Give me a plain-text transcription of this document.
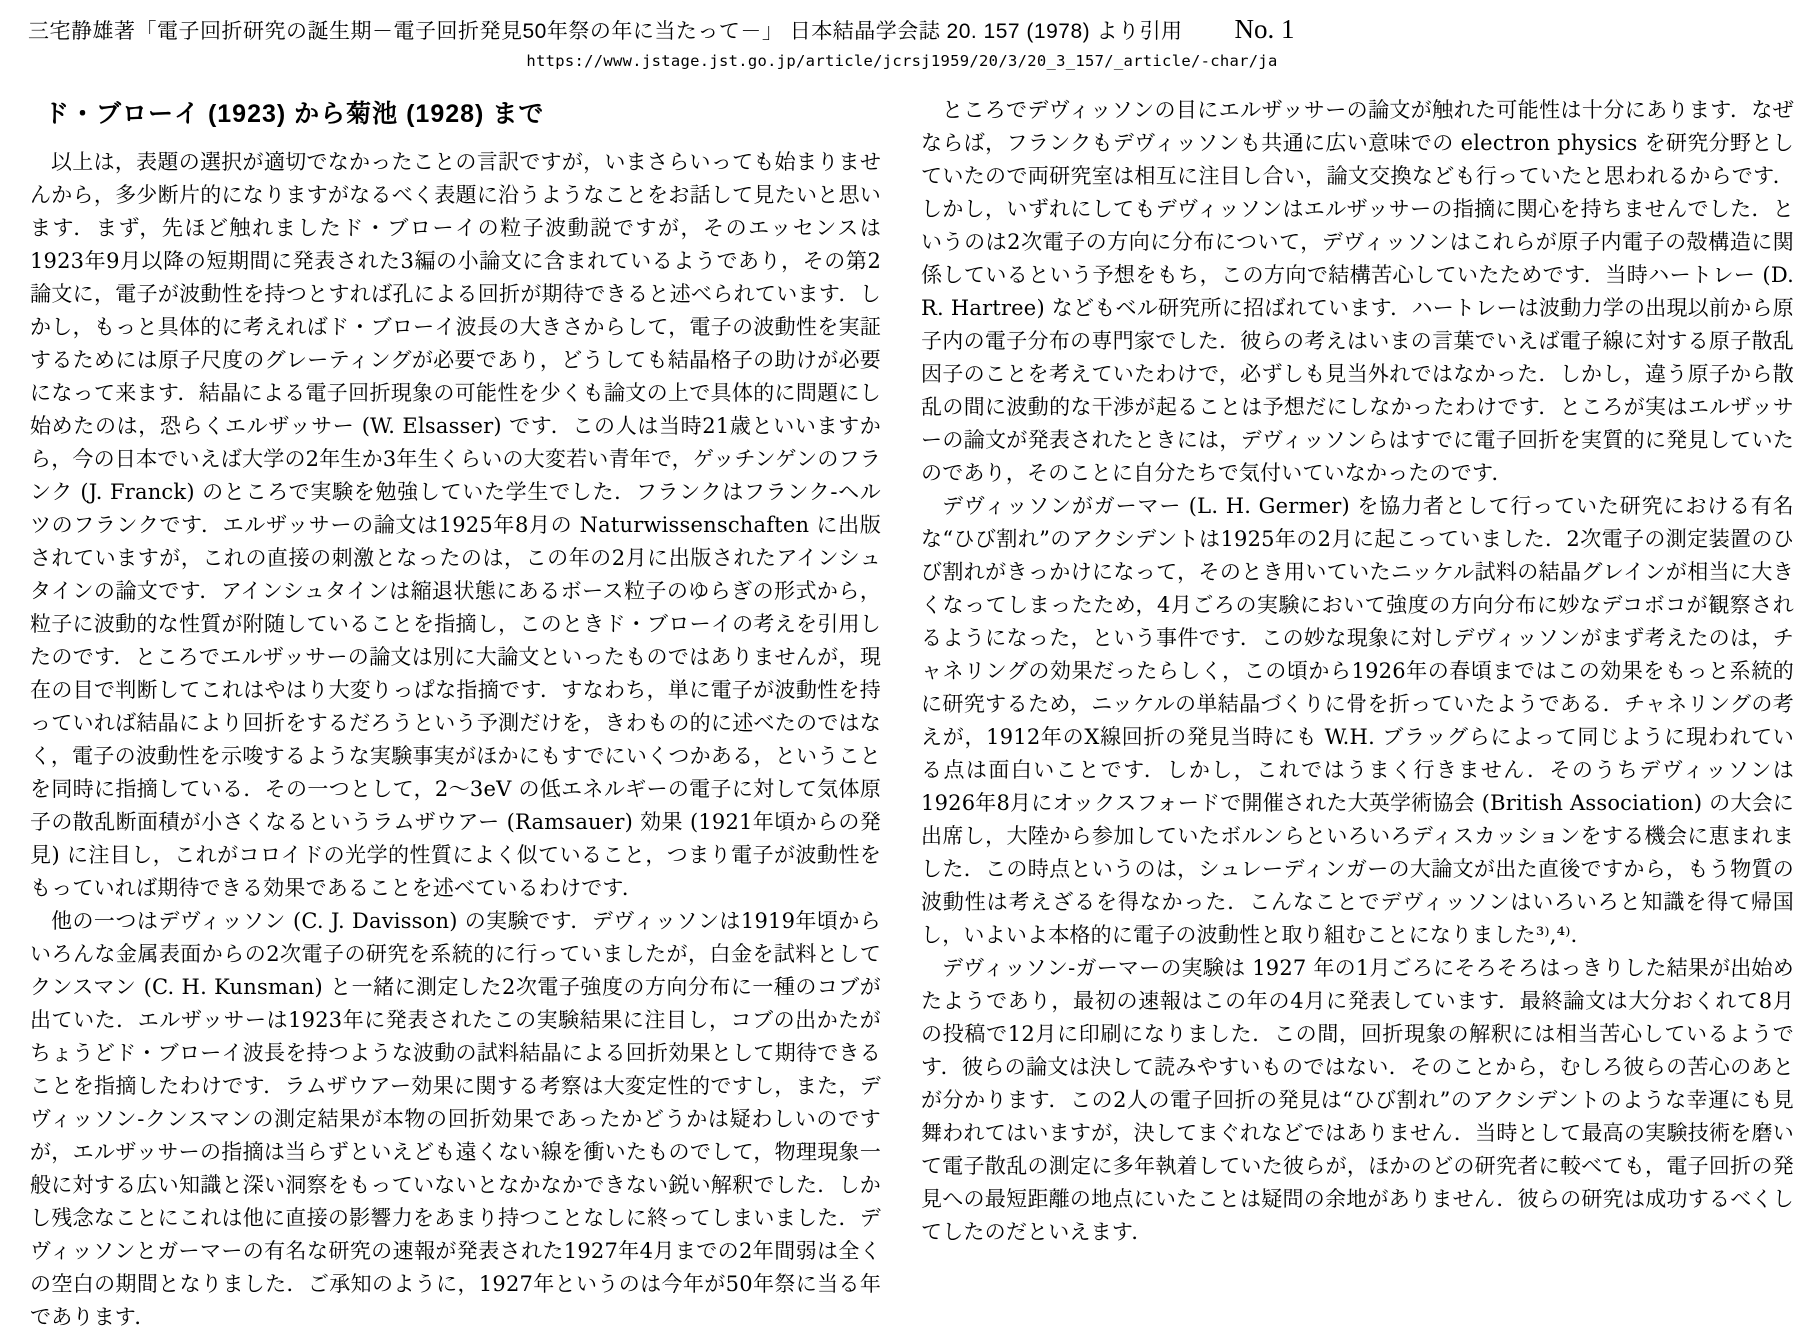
三宅静雄著「電子回折研究の誕生期－電子回折発見50年祭の年に当たって－」 日本結晶学会誌 20. 157 (1978) より引用 No. 1
https://www.jstage.jst.go.jp/article/jcrsj1959/20/3/20_3_157/_article/-char/ja
ド・ブローイ (1923) から菊池 (1928) まで

以上は，表題の選択が適切でなかったことの言訳ですが，いまさらいっても始まりませんから，多少断片的になりますがなるべく表題に沿うようなことをお話して見たいと思います．まず，先ほど触れましたド・ブローイの粒子波動説ですが，そのエッセンスは1923年9月以降の短期間に発表された3編の小論文に含まれているようであり，その第2論文に，電子が波動性を持つとすれば孔による回折が期待できると述べられています．しかし，もっと具体的に考えればド・ブローイ波長の大きさからして，電子の波動性を実証するためには原子尺度のグレーティングが必要であり，どうしても結晶格子の助けが必要になって来ます．結晶による電子回折現象の可能性を少くも論文の上で具体的に問題にし始めたのは，恐らくエルザッサー (W. Elsasser) です．この人は当時21歳といいますから，今の日本でいえば大学の2年生か3年生くらいの大変若い青年で，ゲッチンゲンのフランク (J. Franck) のところで実験を勉強していた学生でした．フランクはフランク-ヘルツのフランクです．エルザッサーの論文は1925年8月の Naturwissenschaften に出版されていますが，これの直接の刺激となったのは，この年の2月に出版されたアインシュタインの論文です．アインシュタインは縮退状態にあるボース粒子のゆらぎの形式から，粒子に波動的な性質が附随していることを指摘し，このときド・ブローイの考えを引用したのです．ところでエルザッサーの論文は別に大論文といったものではありませんが，現在の目で判断してこれはやはり大変りっぱな指摘です．すなわち，単に電子が波動性を持っていれば結晶により回折をするだろうという予測だけを，きわもの的に述べたのではなく，電子の波動性を示唆するような実験事実がほかにもすでにいくつかある，ということを同時に指摘している．その一つとして，2～3eV の低エネルギーの電子に対して気体原子の散乱断面積が小さくなるというラムザウアー (Ramsauer) 効果 (1921年頃からの発見) に注目し，これがコロイドの光学的性質によく似ていること，つまり電子が波動性をもっていれば期待できる効果であることを述べているわけです．

他の一つはデヴィッソン (C. J. Davisson) の実験です．デヴィッソンは1919年頃からいろんな金属表面からの2次電子の研究を系統的に行っていましたが，白金を試料としてクンスマン (C. H. Kunsman) と一緒に測定した2次電子強度の方向分布に一種のコブが出ていた．エルザッサーは1923年に発表されたこの実験結果に注目し，コブの出かたがちょうどド・ブローイ波長を持つような波動の試料結晶による回折効果として期待できることを指摘したわけです．ラムザウアー効果に関する考察は大変定性的ですし，また，デヴィッソン-クンスマンの測定結果が本物の回折効果であったかどうかは疑わしいのですが，エルザッサーの指摘は当らずといえども遠くない線を衝いたものでして，物理現象一般に対する広い知識と深い洞察をもっていないとなかなかできない鋭い解釈でした．しかし残念なことにこれは他に直接の影響力をあまり持つことなしに終ってしまいました．デヴィッソンとガーマーの有名な研究の速報が発表された1927年4月までの2年間弱は全くの空白の期間となりました．ご承知のように，1927年というのは今年が50年祭に当る年であります．

ところでデヴィッソンの目にエルザッサーの論文が触れた可能性は十分にあります．なぜならば，フランクもデヴィッソンも共通に広い意味での electron physics を研究分野としていたので両研究室は相互に注目し合い，論文交換なども行っていたと思われるからです．しかし，いずれにしてもデヴィッソンはエルザッサーの指摘に関心を持ちませんでした．というのは2次電子の方向に分布について，デヴィッソンはこれらが原子内電子の殻構造に関係しているという予想をもち，この方向で結構苦心していたためです．当時ハートレー (D. R. Hartree) などもベル研究所に招ばれています．ハートレーは波動力学の出現以前から原子内の電子分布の専門家でした．彼らの考えはいまの言葉でいえば電子線に対する原子散乱因子のことを考えていたわけで，必ずしも見当外れではなかった．しかし，違う原子から散乱の間に波動的な干渉が起ることは予想だにしなかったわけです．ところが実はエルザッサーの論文が発表されたときには，デヴィッソンらはすでに電子回折を実質的に発見していたのであり，そのことに自分たちで気付いていなかったのです．

デヴィッソンがガーマー (L. H. Germer) を協力者として行っていた研究における有名な“ひび割れ”のアクシデントは1925年の2月に起こっていました．2次電子の測定装置のひび割れがきっかけになって，そのとき用いていたニッケル試料の結晶グレインが相当に大きくなってしまったため，4月ごろの実験において強度の方向分布に妙なデコボコが観察されるようになった，という事件です．この妙な現象に対しデヴィッソンがまず考えたのは，チャネリングの効果だったらしく，この頃から1926年の春頃まではこの効果をもっと系統的に研究するため，ニッケルの単結晶づくりに骨を折っていたようである．チャネリングの考えが，1912年のX線回折の発見当時にも W.H. ブラッグらによって同じように現われている点は面白いことです．しかし，これではうまく行きません．そのうちデヴィッソンは1926年8月にオックスフォードで開催された大英学術協会 (British Association) の大会に出席し，大陸から参加していたボルンらといろいろディスカッションをする機会に恵まれました．この時点というのは，シュレーディンガーの大論文が出た直後ですから，もう物質の波動性は考えざるを得なかった．こんなことでデヴィッソンはいろいろと知識を得て帰国し，いよいよ本格的に電子の波動性と取り組むことになりました³⁾,⁴⁾．

デヴィッソン-ガーマーの実験は 1927 年の1月ごろにそろそろはっきりした結果が出始めたようであり，最初の速報はこの年の4月に発表しています．最終論文は大分おくれて8月の投稿で12月に印刷になりました．この間，回折現象の解釈には相当苦心しているようです．彼らの論文は決して読みやすいものではない．そのことから，むしろ彼らの苦心のあとが分かります．この2人の電子回折の発見は“ひび割れ”のアクシデントのような幸運にも見舞われてはいますが，決してまぐれなどではありません．当時として最高の実験技術を磨いて電子散乱の測定に多年執着していた彼らが，ほかのどの研究者に較べても，電子回折の発見への最短距離の地点にいたことは疑問の余地がありません．彼らの研究は成功するべくしてしたのだといえます．
